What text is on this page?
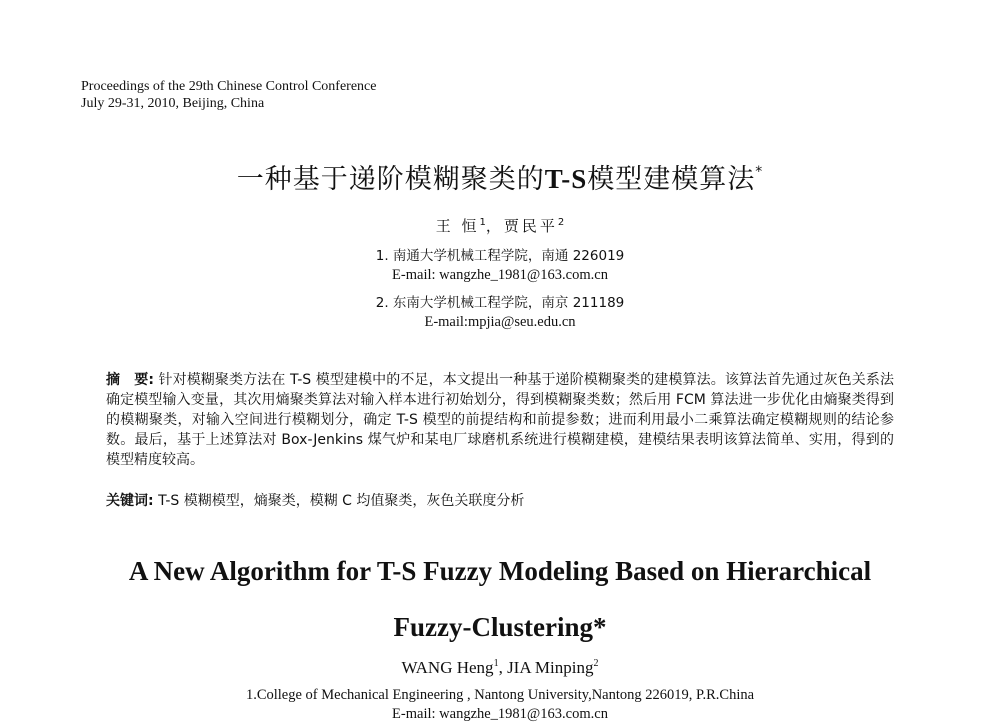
Proceedings of the 29th Chinese Control Conference
July 29-31, 2010, Beijing, China
一种基于递阶模糊聚类的T-S模型建模算法*
王 恒$^1$，贾民平$^2$
1. 南通大学机械工程学院，南通 226019
E-mail: wangzhe_1981@163.com.cn
2. 东南大学机械工程学院，南京 211189
E-mail:mpjia@seu.edu.cn
摘　要: 针对模糊聚类方法在 T-S 模型建模中的不足，本文提出一种基于递阶模糊聚类的建模算法。该算法首先通过灰色关系法确定模型输入变量，其次用熵聚类算法对输入样本进行初始划分，得到模糊聚类数；然后用 FCM 算法进一步优化由熵聚类得到的模糊聚类，对输入空间进行模糊划分，确定 T-S 模型的前提结构和前提参数；进而利用最小二乘算法确定模糊规则的结论参数。最后，基于上述算法对 Box-Jenkins 煤气炉和某电厂球磨机系统进行模糊建模，建模结果表明该算法简单、实用，得到的模型精度较高。
关键词: T-S 模糊模型，熵聚类，模糊 C 均值聚类，灰色关联度分析
A New Algorithm for T-S Fuzzy Modeling Based on Hierarchical
Fuzzy-Clustering*
WANG Heng$^1$, JIA Minping$^2$
1.College of Mechanical Engineering , Nantong University,Nantong 226019, P.R.China
E-mail: wangzhe_1981@163.com.cn
